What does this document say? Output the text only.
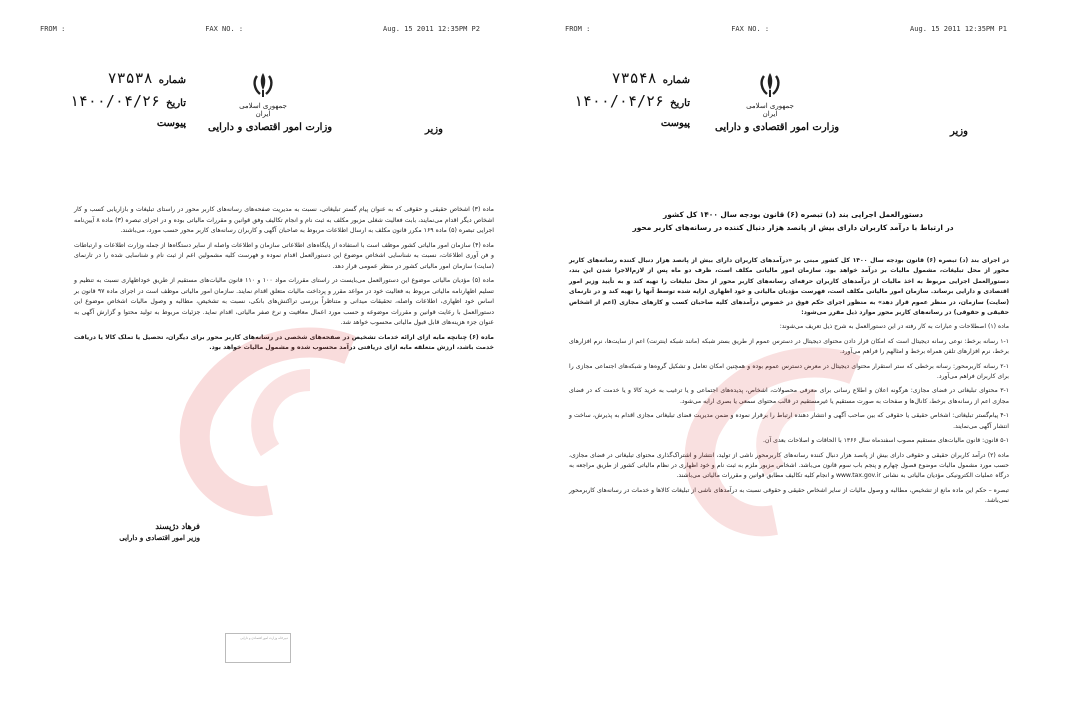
FROM :	FAX NO. :	Aug. 15 2011 12:35PM P2	FROM :	FAX NO. :	Aug. 15 2011 12:35PM P1
جمهوری اسلامی ایران
وزارت امور اقتصادی و دارایی	وزیر
شماره۷۳۵۳۸
تاریخ۱۴۰۰/۰۴/۲۶
پیوست

ماده (۳) اشخاص حقیقی و حقوقی که به عنوان پیام گستر تبلیغاتی، نسبت به مدیریت صفحه‌های رسانه‌های کاربر محور در راستای تبلیغات و بازاریابی کسب و کار اشخاص دیگر اقدام می‌نمایند، بابت فعالیت شغلی مزبور مکلف به ثبت نام و انجام تکالیف وفق قوانین و مقررات مالیاتی بوده و در اجرای تبصره (۳) ماده ۸ آیین‌نامه اجرایی تبصره (۵) ماده ۱۶۹ مکرر قانون مکلف به ارسال اطلاعات مربوط به صاحبان آگهی و کاربران رسانه‌های کاربر محور حسب مورد، می‌باشند.

ماده (۴) سازمان امور مالیاتی کشور موظف است با استفاده از پایگاه‌های اطلاعاتی سازمان و اطلاعات واصله از سایر دستگاه‌ها از جمله وزارت اطلاعات و ارتباطات و فن آوری اطلاعات، نسبت به شناسایی اشخاص موضوع این دستورالعمل اقدام نموده و فهرست کلیه مشمولین اعم از ثبت نام و شناسایی شده را در تارنمای (سایت) سازمان امور مالیاتی کشور در منظر عمومی قرار دهد.

ماده (۵) مؤدیان مالیاتی موضوع این دستورالعمل می‌بایست در راستای مقررات مواد ۱۰۰ و ۱۱۰ قانون مالیات‌های مستقیم از طریق خوداظهاری نسبت به تنظیم و تسلیم اظهارنامه مالیاتی مربوط به فعالیت خود در مواعد مقرر و پرداخت مالیات متعلق اقدام نمایند. سازمان امور مالیاتی موظف است در اجرای ماده ۹۷ قانون بر اساس خود اظهاری، اطلاعات واصله، تحقیقات میدانی و متناظراً بررسی تراکنش‌های بانکی، نسبت به تشخیص، مطالبه و وصول مالیات اشخاص موضوع این دستورالعمل با رعایت قوانین و مقررات موضوعه و حسب مورد اعمال معافیت و نرخ صفر مالیاتی، اقدام نماید. جزئیات مربوط به تولید محتوا و گزارش آگهی به عنوان جزء هزینه‌های قابل قبول مالیاتی محسوب خواهد شد.

ماده (۶) چنانچه مابه ازای ارائه خدمات تشخیص در صفحه‌های شخصی در رسانه‌های کاربر محور برای دیگران، تحصیل یا تملک کالا یا دریافت خدمت باشد، ارزش متعلقه مابه ازای دریافتی درآمد محسوب شده و مشمول مالیات خواهد بود.

فرهاد دژپسند
وزیر امور اقتصادی و دارایی
دبیرخانه وزارت امور اقتصادی و دارایی
جمهوری اسلامی ایران
وزارت امور اقتصادی و دارایی	وزیر
شماره۷۳۵۴۸
تاریخ۱۴۰۰/۰۴/۲۶
پیوست
دستورالعمل اجرایی بند (د) تبصره (۶) قانون بودجه سال ۱۴۰۰ کل کشور
در ارتباط با درآمد کاربران دارای بیش از پانصد هزار دنبال کننده در رسانه‌های کاربر محور

در اجرای بند (د) تبصره (۶) قانون بودجه سال ۱۴۰۰ کل کشور مبنی بر «درآمدهای کاربران دارای بیش از پانصد هزار دنبال کننده رسانه‌های کاربر محور از محل تبلیغات، مشمول مالیات بر درآمد خواهد بود. سازمان امور مالیاتی مکلف است، ظرف دو ماه پس از لازم‌الاجرا شدن این بند، دستورالعمل اجرایی مربوط به اخذ مالیات از درآمدهای کاربران حرفه‌ای رسانه‌های کاربر محور از محل تبلیغات را تهیه کند و به تأیید وزیر امور اقتصادی و دارایی برساند. سازمان امور مالیاتی مکلف است، فهرست مؤدیان مالیاتی و خود اظهاری ارایه شده توسط آنها را تهیه کند و در تارنمای (سایت) سازمان، در منظر عموم قرار دهد» به منظور اجرای حکم فوق در خصوص درآمدهای کلیه صاحبان کسب و کارهای مجازی (اعم از اشخاص حقیقی و حقوقی) در رسانه‌های کاربر محور موارد ذیل مقرر می‌شود:

ماده (۱) اصطلاحات و عبارات به کار رفته در این دستورالعمل به شرح ذیل تعریف می‌شوند:

۱-۱ رسانه برخط: نوعی رسانه دیجیتال است که امکان قرار دادن محتوای دیجیتال در دسترس عموم از طریق بستر شبکه (مانند شبکه اینترنت) اعم از سایت‌ها، نرم افزارهای برخط، نرم افزارهای تلفن همراه برخط و امثالهم را فراهم می‌آورد.

۲-۱ رسانه کاربرمحور: رسانه برخطی که ستر استقرار محتوای دیجیتال در معرض دسترس عموم بوده و همچنین امکان تعامل و تشکیل گروه‌ها و شبکه‌های اجتماعی مجازی را برای کاربران فراهم می‌آورد.

۳-۱ محتوای تبلیغاتی در فضای مجازی: هرگونه اعلان و اطلاع رسانی برای معرفی محصولات، اشخاص، پدیده‌های اجتماعی و یا ترغیب به خرید کالا و یا خدمت که در فضای مجازی اعم از رسانه‌های برخط، کانال‌ها و صفحات به صورت مستقیم یا غیرمستقیم در قالب محتوای سمعی یا بصری ارایه می‌شود.

۴-۱ پیام‌گستر تبلیغاتی: اشخاص حقیقی یا حقوقی که بین صاحب آگهی و انتشار دهنده ارتباط را برقرار نموده و ضمن مدیریت فضای تبلیغاتی مجازی اقدام به پذیرش، ساخت و انتشار آگهی می‌نمایند.

۵-۱ قانون: قانون مالیات‌های مستقیم مصوب اسفندماه سال ۱۳۶۶ با الحاقات و اصلاحات بعدی آن.

ماده (۲) درآمد کاربران حقیقی و حقوقی دارای بیش از پانصد هزار دنبال کننده رسانه‌های کاربرمحور ناشی از تولید، انتشار و اشتراک‌گذاری محتوای تبلیغاتی در فضای مجازی، حسب مورد مشمول مالیات موضوع فصول چهارم و پنجم باب سوم قانون می‌باشد. اشخاص مزبور ملزم به ثبت نام و خود اظهاری در نظام مالیاتی کشور از طریق مراجعه به درگاه عملیات الکترونیکی مؤدیان مالیاتی به نشانی www.tax.gov.ir و انجام کلیه تکالیف مطابق قوانین و مقررات مالیاتی می‌باشند.

تبصره – حکم این ماده مانع از تشخیص، مطالبه و وصول مالیات از سایر اشخاص حقیقی و حقوقی نسبت به درآمدهای ناشی از تبلیغات کالاها و خدمات در رسانه‌های کاربرمحور نمی‌باشد.
